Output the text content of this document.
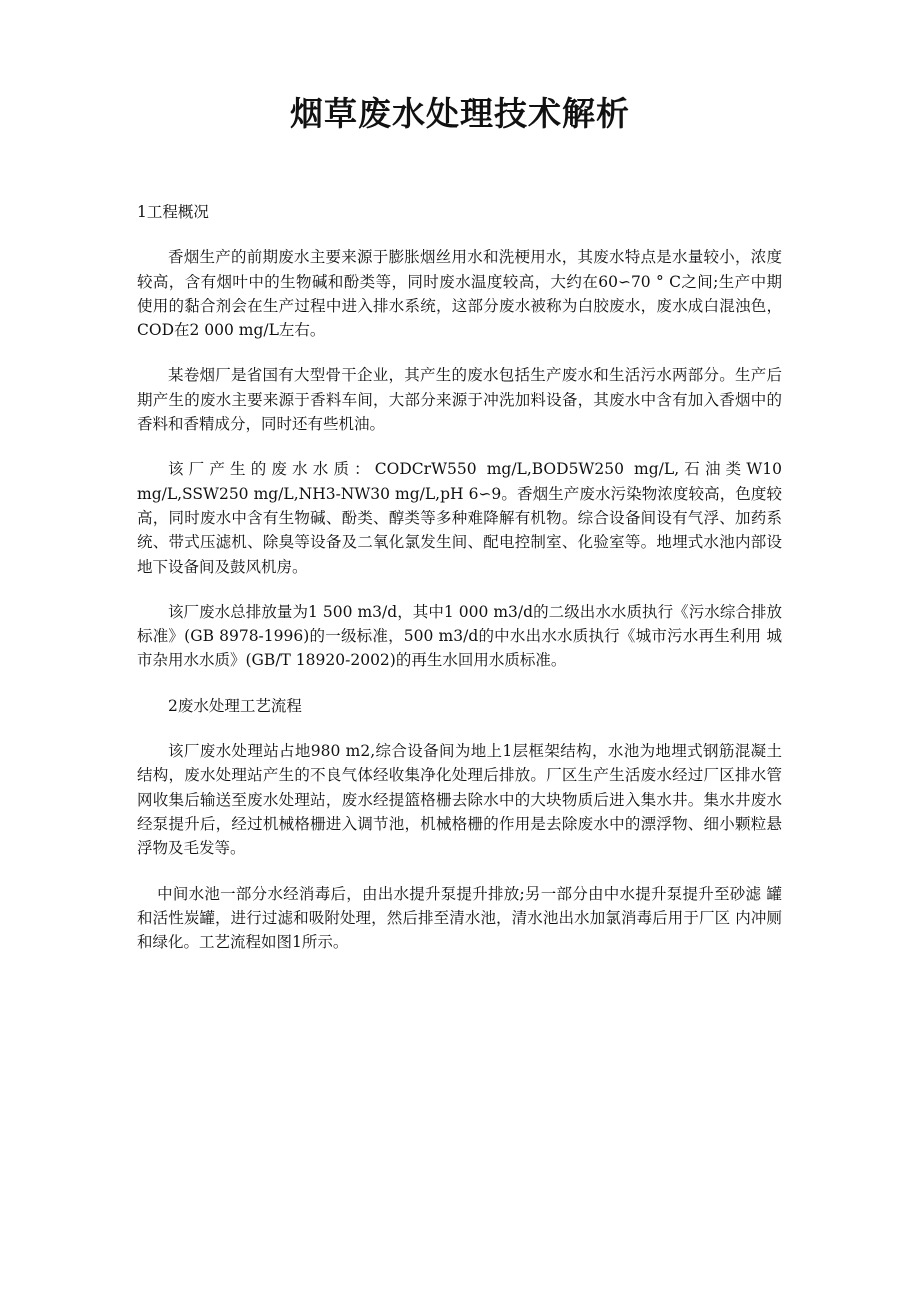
烟草废水处理技术解析

1工程概况

香烟生产的前期废水主要来源于膨胀烟丝用水和洗梗用水，其废水特点是水量较小，浓度较高，含有烟叶中的生物碱和酚类等，同时废水温度较高，大约在60∽70 ° C之间;生产中期使用的黏合剂会在生产过程中进入排水系统，这部分废水被称为白胶废水，废水成白混浊色，COD在2 000 mg/L左右。

某卷烟厂是省国有大型骨干企业，其产生的废水包括生产废水和生活污水两部分。生产后期产生的废水主要来源于香料车间，大部分来源于冲洗加料设备，其废水中含有加入香烟中的香料和香精成分，同时还有些机油。

该厂产生的废水水质：CODCrW550 mg/L,BOD5W250 mg/L,石油类W10 mg/L,SSW250 mg/L,NH3-NW30 mg/L,pH 6∽9。香烟生产废水污染物浓度较高，色度较高，同时废水中含有生物碱、酚类、醇类等多种难降解有机物。综合设备间设有气浮、加药系统、带式压滤机、除臭等设备及二氧化氯发生间、配电控制室、化验室等。地埋式水池内部设地下设备间及鼓风机房。

该厂废水总排放量为1 500 m3/d，其中1 000 m3/d的二级出水水质执行《污水综合排放标准》(GB 8978-1996)的一级标准，500 m3/d的中水出水水质执行《城市污水再生利用 城市杂用水水质》(GB/T 18920-2002)的再生水回用水质标准。

2废水处理工艺流程

该厂废水处理站占地980 m2,综合设备间为地上1层框架结构，水池为地埋式钢筋混凝土结构，废水处理站产生的不良气体经收集净化处理后排放。厂区生产生活废水经过厂区排水管网收集后输送至废水处理站，废水经提篮格栅去除水中的大块物质后进入集水井。集水井废水经泵提升后，经过机械格栅进入调节池，机械格栅的作用是去除废水中的漂浮物、细小颗粒悬浮物及毛发等。

中间水池一部分水经消毒后，由出水提升泵提升排放;另一部分由中水提升泵提升至砂滤 罐和活性炭罐，进行过滤和吸附处理，然后排至清水池，清水池出水加氯消毒后用于厂区 内冲厕和绿化。工艺流程如图1所示。
